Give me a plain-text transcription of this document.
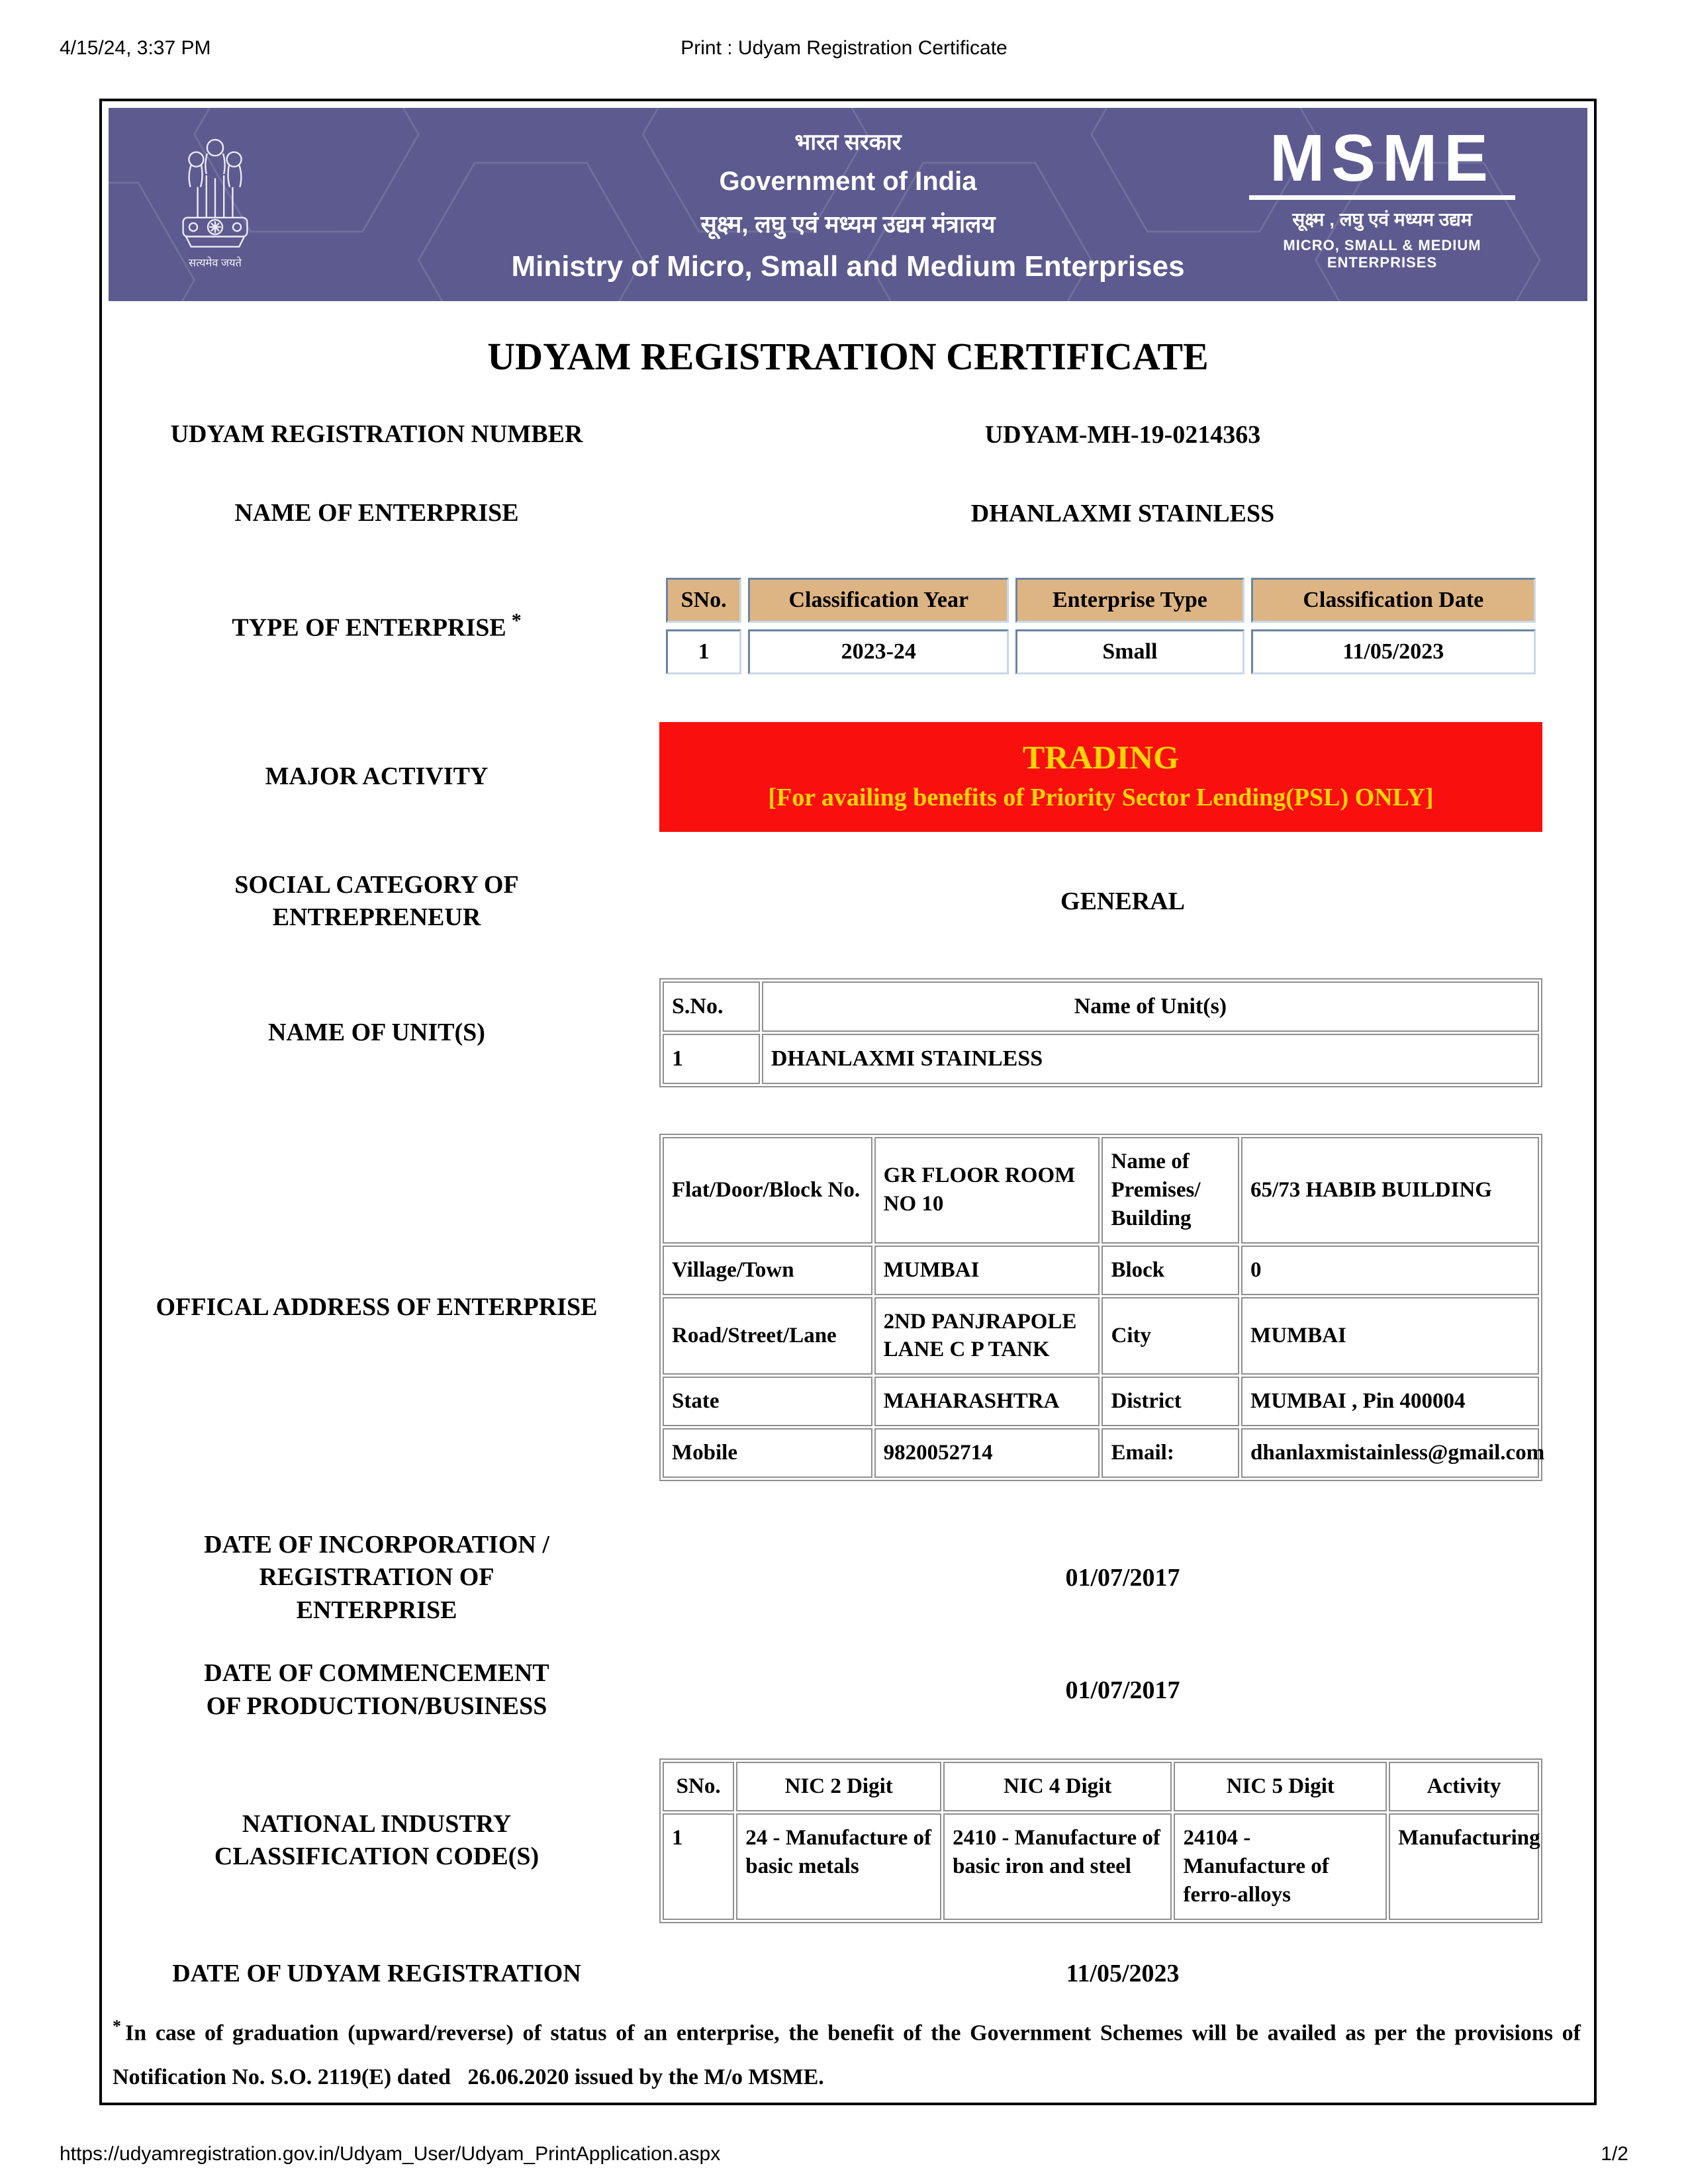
4/15/24, 3:37 PM	Print : Udyam Registration Certificate
सत्यमेव जयते
भारत सरकार
Government of India
सूक्ष्म, लघु एवं मध्यम उद्यम मंत्रालय
Ministry of Micro, Small and Medium Enterprises
MSME
सूक्ष्म , लघु एवं मध्यम उद्यम
MICRO, SMALL & MEDIUM ENTERPRISES
UDYAM REGISTRATION CERTIFICATE
UDYAM REGISTRATION NUMBER	UDYAM-MH-19-0214363
NAME OF ENTERPRISE	DHANLAXMI STAINLESS
TYPE OF ENTERPRISE *
SNo.	Classification Year	Enterprise Type	Classification Date
1	2023-24	Small	11/05/2023
MAJOR ACTIVITY
TRADING
[For availing benefits of Priority Sector Lending(PSL) ONLY]
SOCIAL CATEGORY OF ENTREPRENEUR
GENERAL
NAME OF UNIT(S)
S.No.	Name of Unit(s)
1	DHANLAXMI STAINLESS
OFFICAL ADDRESS OF ENTERPRISE
Flat/Door/Block No.	GR FLOOR ROOM NO 10	Name of Premises/ Building	65/73 HABIB BUILDING
Village/Town	MUMBAI	Block	0
Road/Street/Lane	2ND PANJRAPOLE LANE C P TANK	City	MUMBAI
State	MAHARASHTRA	District	MUMBAI , Pin 400004
Mobile	9820052714	Email:	dhanlaxmistainless@gmail.com
DATE OF INCORPORATION / REGISTRATION OF ENTERPRISE
01/07/2017
DATE OF COMMENCEMENT OF PRODUCTION/BUSINESS
01/07/2017
NATIONAL INDUSTRY CLASSIFICATION CODE(S)
SNo.	NIC 2 Digit	NIC 4 Digit	NIC 5 Digit	Activity
1	24 - Manufacture of basic metals	2410 - Manufacture of basic iron and steel	24104 - Manufacture of ferro-alloys	Manufacturing
DATE OF UDYAM REGISTRATION	11/05/2023
* In case of graduation (upward/reverse) of status of an enterprise, the benefit of the Government Schemes will be availed as per the provisions of Notification No. S.O. 2119(E) dated   26.06.2020 issued by the M/o MSME.
https://udyamregistration.gov.in/Udyam_User/Udyam_PrintApplication.aspx	1/2
